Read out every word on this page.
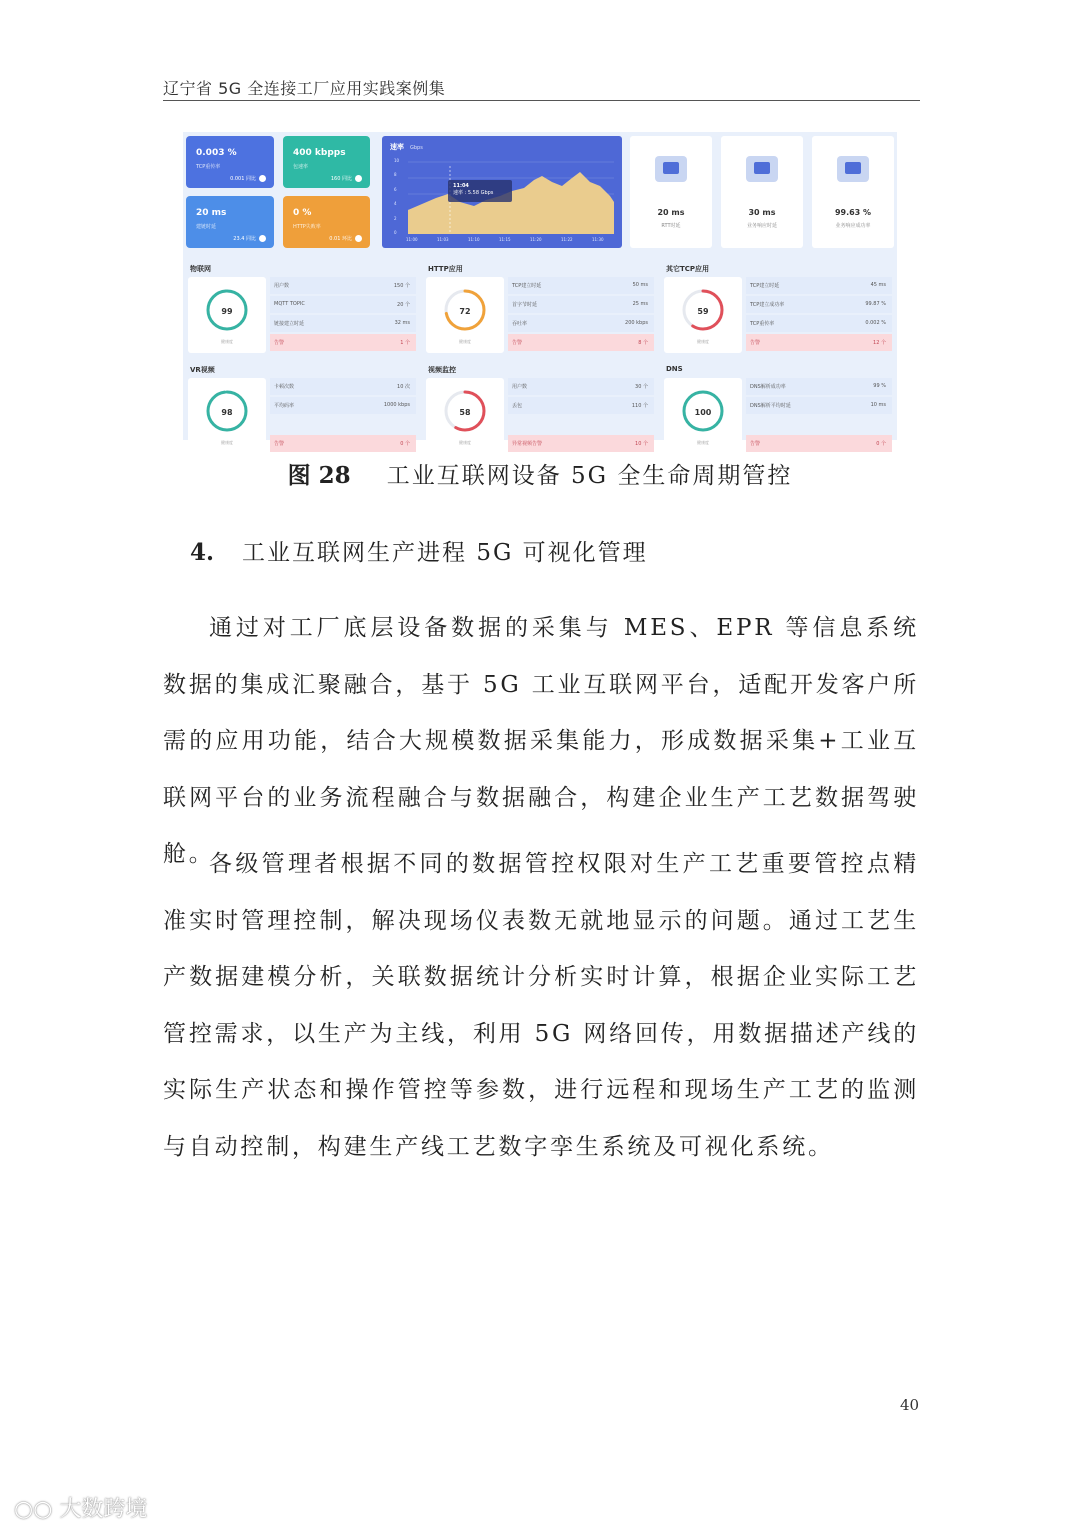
辽宁省 5G 全连接工厂应用实践案例集
0.003 %
TCP重传率
0.001 同比
400 kbpps
包速率
160 同比
20 ms
建链时延
23.4 同比
0 %
HTTP失败率
0.01 环比
速率 Gbps
10
8
6
4
2
0
11:00	11:03	11:10	11:15	11:20	11:22	11:30
11:04
速率 : 5.58 Gbps
20 ms
RTT时延
30 ms
业务响应时延
99.63 %
业务响应成功率
物联网	HTTP应用	其它TCP应用
VR视频	视频监控	DNS
99
健康度
用户数	150 个
MQTT TOPIC	20 个
链接建立时延	32 ms
告警	1 个
72
健康度
TCP建立时延	50 ms
首字节时延	25 ms
吞吐率	200 kbps
告警	8 个
59
健康度
TCP建立时延	45 ms
TCP建立成功率	99.87 %
TCP重传率	0.002 %
告警	12 个
98
健康度
卡顿次数	10 次
平均码率	1000 kbps
告警	0 个
58
健康度
用户数	30 个
丢包	110 个
异常视频告警	10 个
100
健康度
DNS解析成功率	99 %
DNS解析平均时延	10 ms
告警	0 个
图 28 工业互联网设备 5G 全生命周期管控
4. 工业互联网生产进程 5G 可视化管理

通过对工厂底层设备数据的采集与 MES、EPR 等信息系统数据的集成汇聚融合，基于 5G 工业互联网平台，适配开发客户所需的应用功能，结合大规模数据采集能力，形成数据采集+工业互联网平台的业务流程融合与数据融合，构建企业生产工艺数据驾驶舱。

各级管理者根据不同的数据管控权限对生产工艺重要管控点精准实时管理控制，解决现场仪表数无就地显示的问题。通过工艺生产数据建模分析，关联数据统计分析实时计算，根据企业实际工艺管控需求，以生产为主线，利用 5G 网络回传，用数据描述产线的实际生产状态和操作管控等参数，进行远程和现场生产工艺的监测与自动控制，构建生产线工艺数字孪生系统及可视化系统。

40
○○ 大数跨境
